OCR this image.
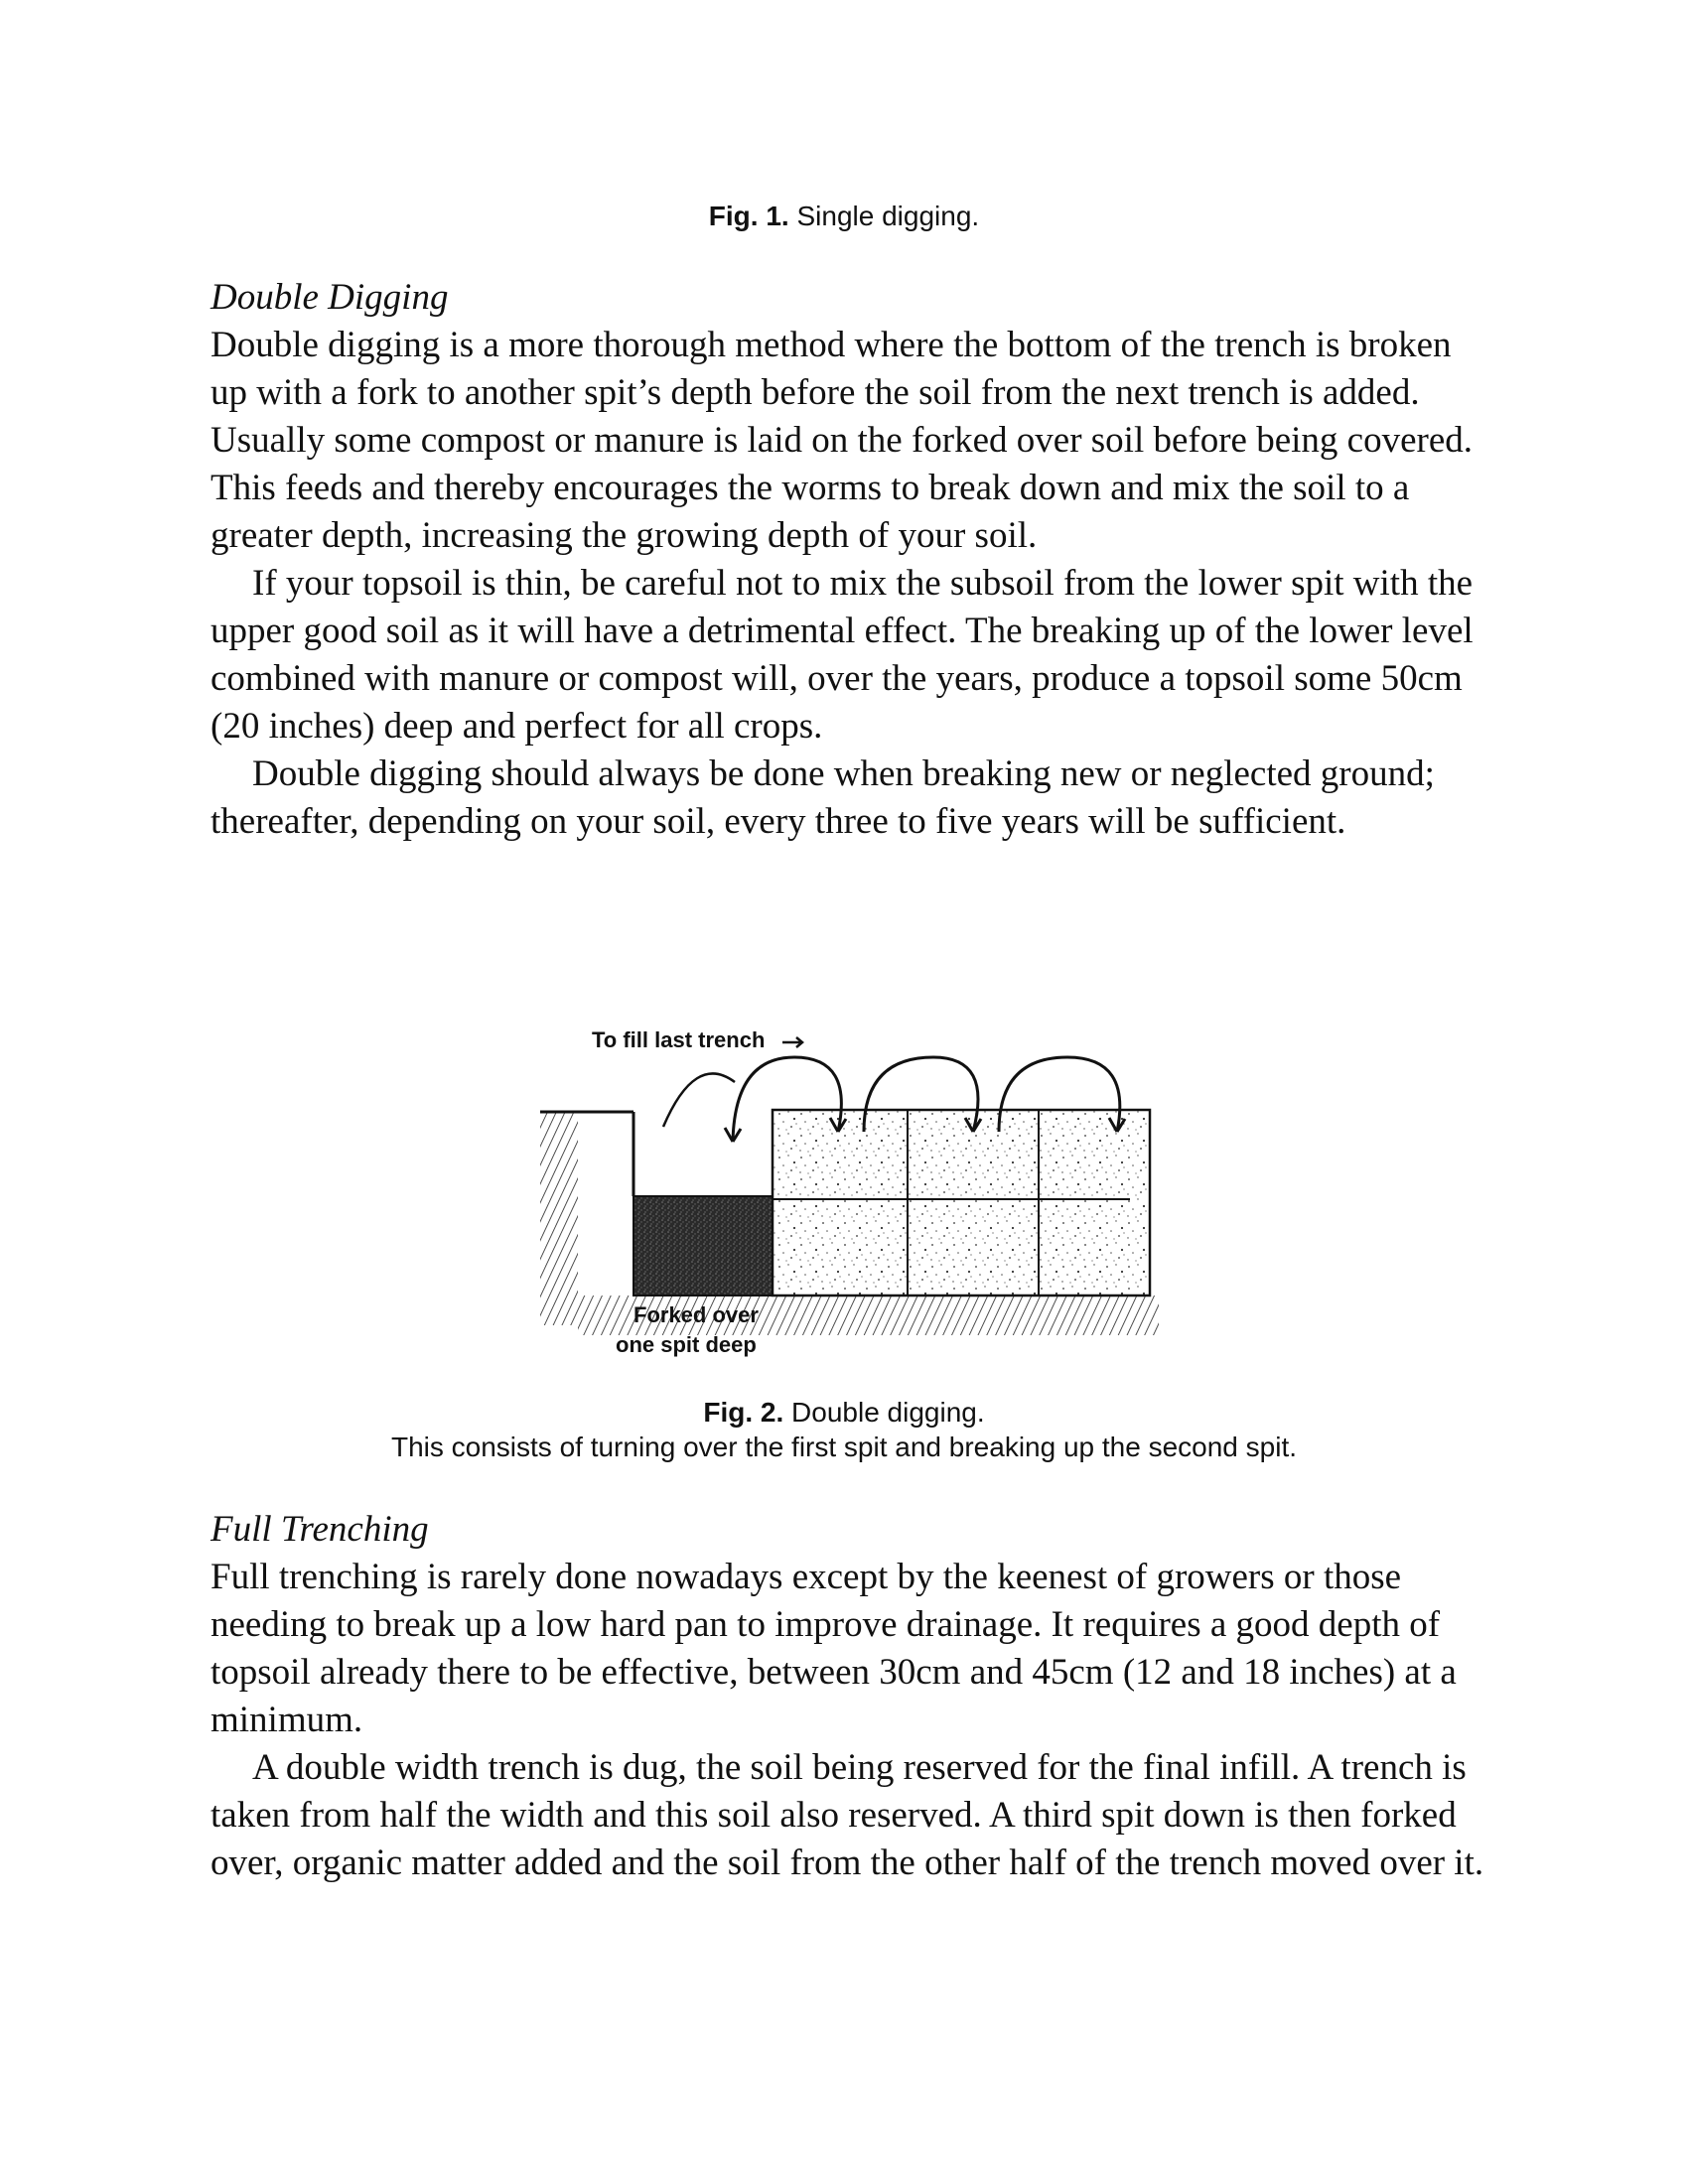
Fig. 1. Single digging.
Double Digging

Double digging is a more thorough method where the bottom of the trench is broken up with a fork to another spit’s depth before the soil from the next trench is added. Usually some compost or manure is laid on the forked over soil before being covered. This feeds and thereby encourages the worms to break down and mix the soil to a greater depth, increasing the growing depth of your soil.

If your topsoil is thin, be careful not to mix the subsoil from the lower spit with the upper good soil as it will have a detrimental effect. The breaking up of the lower level combined with manure or compost will, over the years, produce a topsoil some 50cm (20 inches) deep and perfect for all crops.

Double digging should always be done when breaking new or neglected ground; thereafter, depending on your soil, every three to five years will be sufficient.

To fill last trench
Forked over
one spit deep
Fig. 2. Double digging.
This consists of turning over the first spit and breaking up the second spit.
Full Trenching

Full trenching is rarely done nowadays except by the keenest of growers or those needing to break up a low hard pan to improve drainage. It requires a good depth of topsoil already there to be effective, between 30cm and 45cm (12 and 18 inches) at a minimum.

A double width trench is dug, the soil being reserved for the final infill. A trench is taken from half the width and this soil also reserved. A third spit down is then forked over, organic matter added and the soil from the other half of the trench moved over it.
